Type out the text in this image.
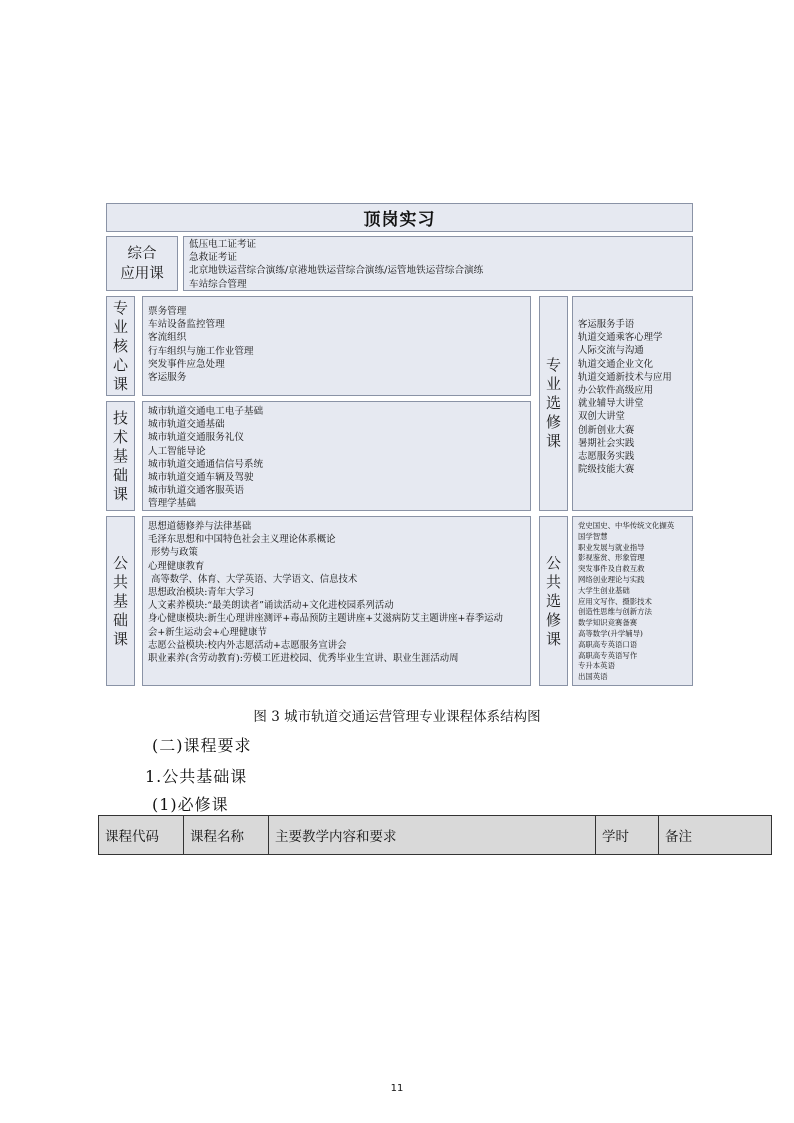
顶岗实习
综合
应用课
低压电工证考证
急救证考证
北京地铁运营综合演练/京港地铁运营综合演练/运管地铁运营综合演练
车站综合管理
专
业
核
心
课
票务管理
车站设备监控管理
客流组织
行车组织与施工作业管理
突发事件应急处理
客运服务
技
术
基
础
课
城市轨道交通电工电子基础
城市轨道交通基础
城市轨道交通服务礼仪
人工智能导论
城市轨道交通通信信号系统
城市轨道交通车辆及驾驶
城市轨道交通客服英语
管理学基础
公
共
基
础
课
思想道德修养与法律基础
毛泽东思想和中国特色社会主义理论体系概论
形势与政策
心理健康教育
高等数学、体育、大学英语、大学语文、信息技术
思想政治模块:青年大学习
人文素养模块:“最美朗读者”诵读活动+文化进校园系列活动
身心健康模块:新生心理讲座测评+毒品预防主题讲座+艾滋病防艾主题讲座+春季运动
会+新生运动会+心理健康节
志愿公益模块:校内外志愿活动+志愿服务宣讲会
职业素养(含劳动教育):劳模工匠进校园、优秀毕业生宣讲、职业生涯活动周
专
业
选
修
课
客运服务手语
轨道交通乘客心理学
人际交流与沟通
轨道交通企业文化
轨道交通新技术与应用
办公软件高级应用
就业辅导大讲堂
双创大讲堂
创新创业大赛
暑期社会实践
志愿服务实践
院级技能大赛
公
共
选
修
课
党史国史、中华传统文化撷英
国学智慧
职业发展与就业指导
影视鉴赏、形象管理
突发事件及自救互救
网络创业理论与实践
大学生创业基础
应用文写作、摄影技术
创造性思维与创新方法
数学知识竞赛备赛
高等数学(升学辅导)
高职高专英语口语
高职高专英语写作
专升本英语
出国英语
图 3 城市轨道交通运营管理专业课程体系结构图
(二)课程要求
1.公共基础课
(1)必修课
课程代码	课程名称	主要教学内容和要求	学时	备注
11
